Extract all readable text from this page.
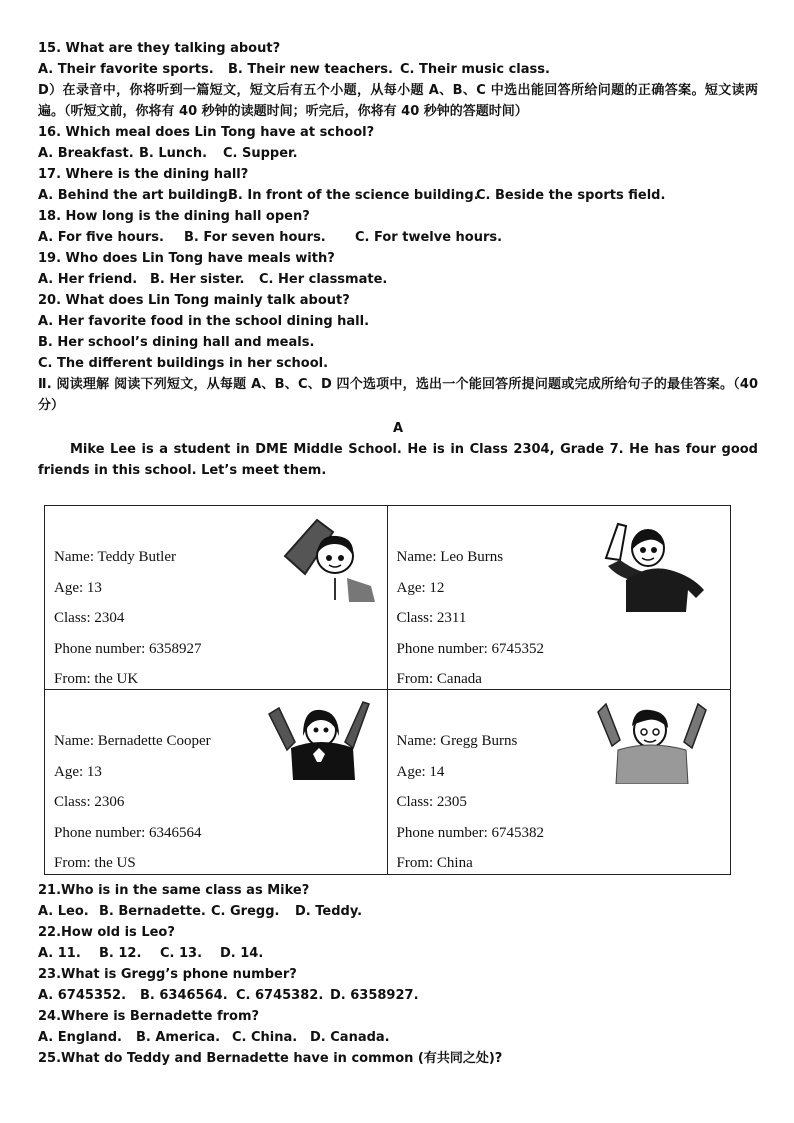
15. What are they talking about?
A. Their favorite sports. B. Their new teachers. C. Their music class.
D）在录音中，你将听到一篇短文，短文后有五个小题，从每小题 A、B、C 中选出能回答所给问题的正确答案。短文读两遍。（听短文前，你将有 40 秒钟的读题时间；听完后，你将有 40 秒钟的答题时间）
16. Which meal does Lin Tong have at school?
A. Breakfast. B. Lunch. C. Supper.
17. Where is the dining hall?
A. Behind the art building.B. In front of the science building.C. Beside the sports field.
18. How long is the dining hall open?
A. For five hours. B. For seven hours. C. For twelve hours.
19. Who does Lin Tong have meals with?
A. Her friend. B. Her sister. C. Her classmate.
20. What does Lin Tong mainly talk about?
A. Her favorite food in the school dining hall.
B. Her school’s dining hall and meals.
C. The different buildings in her school.
Ⅱ. 阅读理解 阅读下列短文，从每题 A、B、C、D 四个选项中，选出一个能回答所提问题或完成所给句子的最佳答案。（40 分）
A
Mike Lee is a student in DME Middle School. He is in Class 2304, Grade 7. He has four good friends in this school. Let’s meet them.
Name: Teddy Butler
Age: 13
Class: 2304
Phone number: 6358927
From: the UK
Name: Leo Burns
Age: 12
Class: 2311
Phone number: 6745352
From: Canada
Name: Bernadette Cooper
Age: 13
Class: 2306
Phone number: 6346564
From: the US
Name: Gregg Burns
Age: 14
Class: 2305
Phone number: 6745382
From: China
21.Who is in the same class as Mike?
A. Leo. B. Bernadette. C. Gregg. D. Teddy.
22.How old is Leo?
A. 11. B. 12. C. 13. D. 14.
23.What is Gregg’s phone number?
A. 6745352. B. 6346564. C. 6745382. D. 6358927.
24.Where is Bernadette from?
A. England. B. America. C. China. D. Canada.
25.What do Teddy and Bernadette have in common (有共同之处)?
